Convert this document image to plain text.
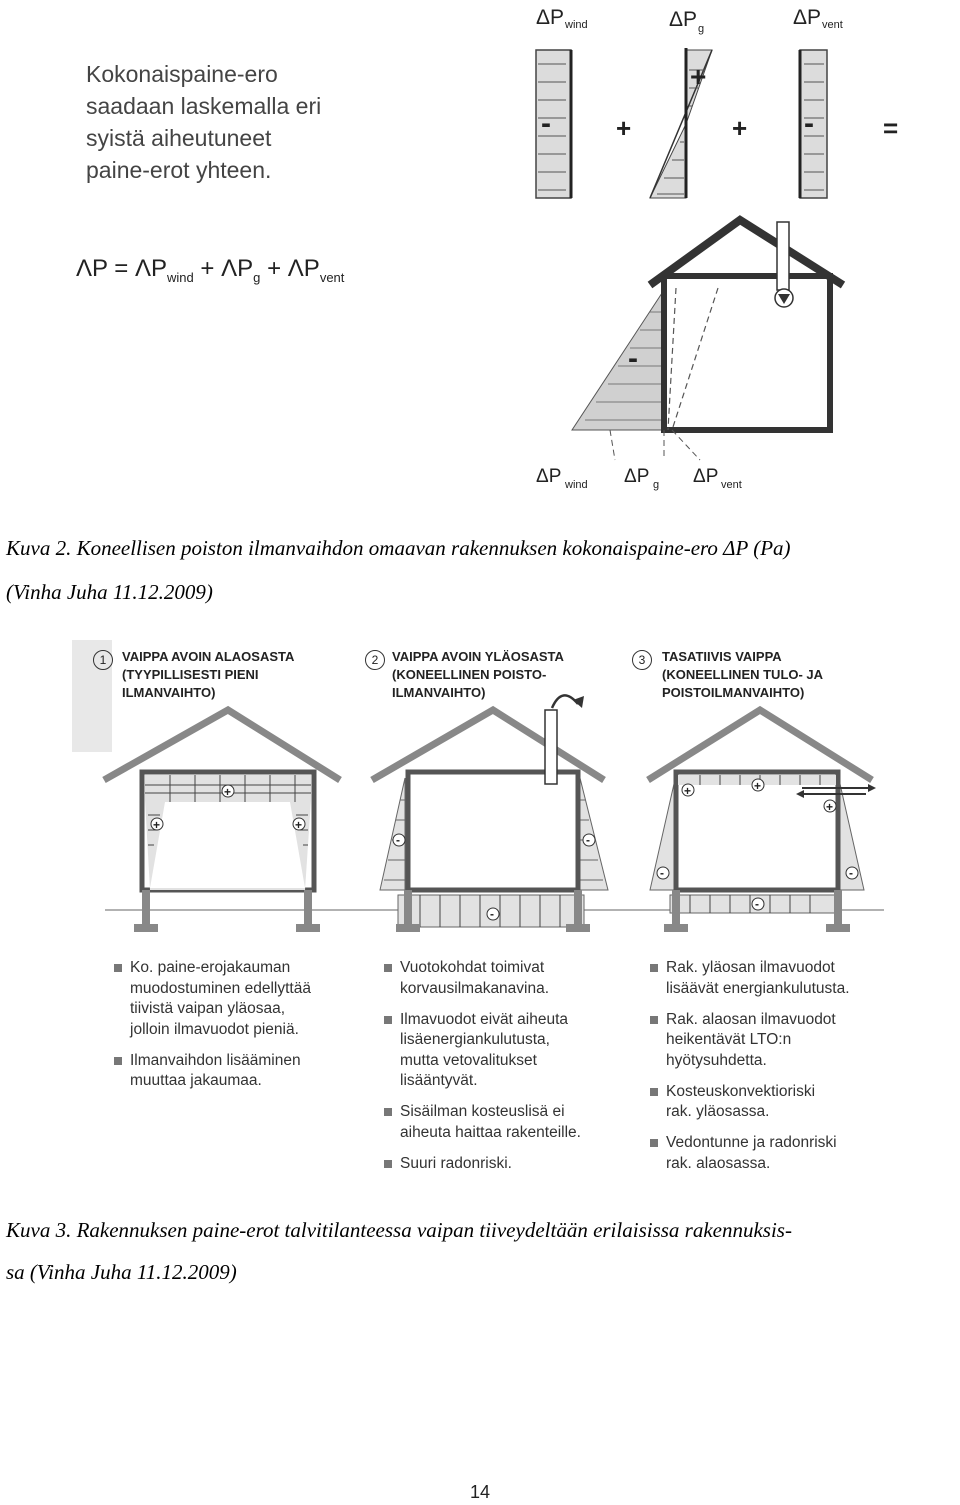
Kokonaispaine-ero
saadaan laskemalla eri
syistä aiheutuneet
paine-erot yhteen.
$\Lambda P = \Lambda P_{wind} + \Lambda P_g + \Lambda P_{vent}$
ΔP wind	ΔP g	ΔP vent
-	+
+
+ -	=
-
ΔP wind ΔP g ΔP vent
Kuva 2. Koneellisen poiston ilmanvaihdon omaavan rakennuksen kokonaispaine-ero ΔP (Pa)
(Vinha Juha 11.12.2009)
1	VAIPPA AVOIN ALAOSASTA
(TYYPILLISESTI PIENI
ILMANVAIHTO)
2	VAIPPA AVOIN YLÄOSASTA
(KONEELLINEN POISTO-
ILMANVAIHTO)
3	TASATIIVIS VAIPPA
(KONEELLINEN TULO- JA
POISTOILMANVAIHTO)
+
+	+
-	-
-
+	+
+
-	-
-
Ko. paine-erojakauman
muodostuminen edellyttää
tiivistä vaipan yläosaa,
jolloin ilmavuodot pieniä.
Ilmanvaihdon lisääminen
muuttaa jakaumaa.
Vuotokohdat toimivat
korvausilmakanavina.
Ilmavuodot eivät aiheuta
lisäenergiankulutusta,
mutta vetovalitukset
lisääntyvät.
Sisäilman kosteuslisä ei
aiheuta haittaa rakenteille.
Suuri radonriski.
Rak. yläosan ilmavuodot
lisäävät energiankulutusta.
Rak. alaosan ilmavuodot
heikentävät LTO:n
hyötysuhdetta.
Kosteuskonvektioriski
rak. yläosassa.
Vedontunne ja radonriski
rak. alaosassa.
Kuva 3. Rakennuksen paine-erot talvitilanteessa vaipan tiiveydeltään erilaisissa rakennuksis-
sa (Vinha Juha 11.12.2009)
14
